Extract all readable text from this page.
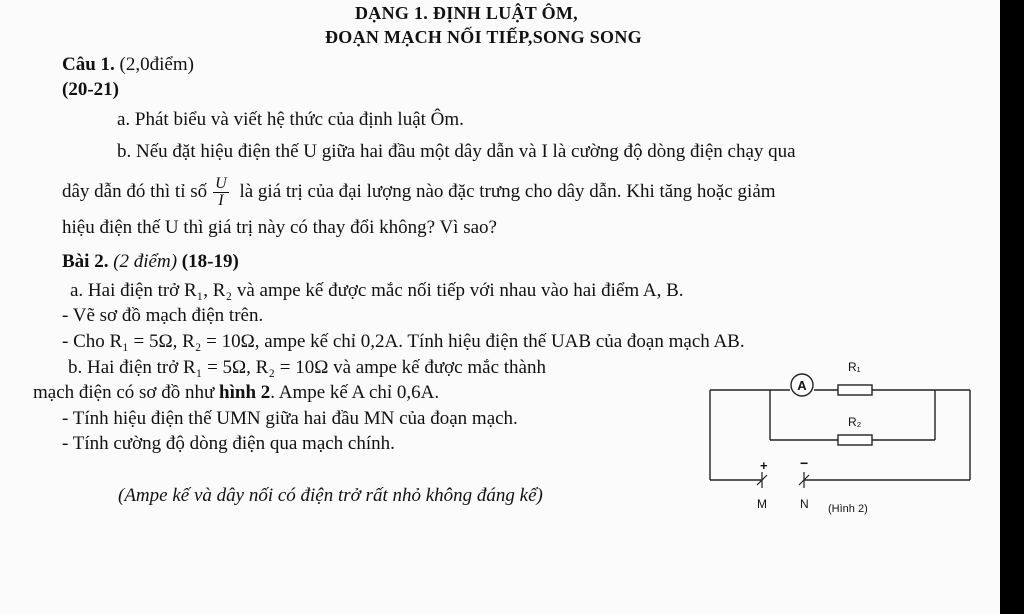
DẠNG 1. ĐỊNH LUẬT ÔM,
ĐOẠN MẠCH NỐI TIẾP,SONG SONG
Câu 1. (2,0điểm)
(20-21)
a. Phát biểu và viết hệ thức của định luật Ôm.
b. Nếu đặt hiệu điện thế U giữa hai đầu một dây dẫn và I là cường độ dòng điện chạy qua
dây dẫn đó thì tỉ số $\frac{U}{I}$ là giá trị của đại lượng nào đặc trưng cho dây dẫn. Khi tăng hoặc giảm
hiệu điện thế U thì giá trị này có thay đổi không? Vì sao?
Bài 2. (2 điểm) (18-19)
a. Hai điện trở R₁, R₂ và ampe kế được mắc nối tiếp với nhau vào hai điểm A, B.
- Vẽ sơ đồ mạch điện trên.
- Cho R₁ = 5Ω, R₂ = 10Ω, ampe kế chỉ 0,2A. Tính hiệu điện thế UAB của đoạn mạch AB.
b. Hai điện trở R₁ = 5Ω, R₂ = 10Ω và ampe kế được mắc thành
mạch điện có sơ đồ như hình 2. Ampe kế A chỉ 0,6A.
- Tính hiệu điện thế UMN giữa hai đầu MN của đoạn mạch.
- Tính cường độ dòng điện qua mạch chính.
(Ampe kế và dây nối có điện trở rất nhỏ không đáng kể)
A
R₁
R₂
+ −
M	N (Hình 2)
